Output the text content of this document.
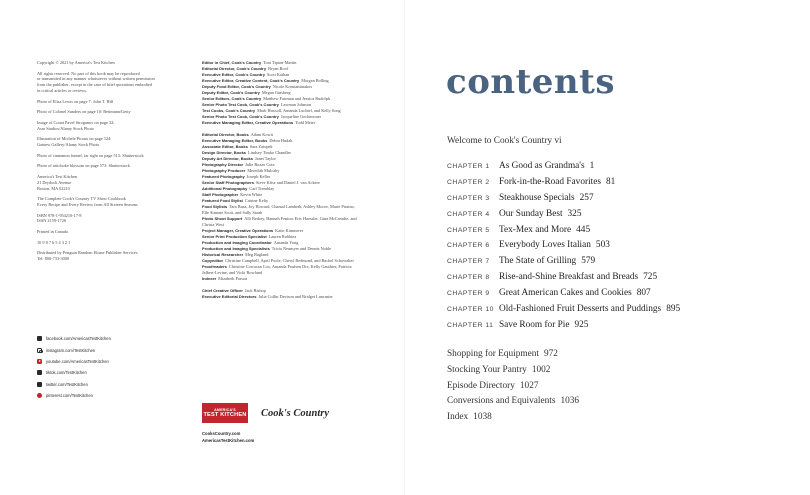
Copyright © 2021 by America's Test Kitchen

All rights reserved. No part of this book may be reproduced
or transmitted in any manner whatsoever without written permission
from the publisher, except in the case of brief quotations embodied
in critical articles or reviews.

Photo of Elisa Lewis on page 7: John T. Hill

Photo of Colonel Sanders on page 10: Bettmann/Getty

Image of Count Pavel Stroganov on page 32:
Asar Studios/Alamy Stock Photo

Illustration of Michele Piroux on page 124:
Gainew Gallery/Alamy Stock Photo

Photo of cinnamon funnel, far right on page 513: Shutterstock

Photo of artichoke blossom on page 573: Shutterstock

America's Test Kitchen
21 Drydock Avenue
Boston, MA 02210

The Complete Cook's Country TV Show Cookbook
Every Recipe and Every Review from All Sixteen Seasons

ISBN 978-1-954210-17-8
ISSN 2159-1726

Printed in Canada

10 9 8 7 6 5 4 3 2 1

Distributed by Penguin Random House Publisher Services
Tel: 800-733-3000

facebook.com/AmericasTestKitchen
instagram.com/TestKitchen
youtube.com/AmericasTestKitchen
tiktok.com/TestKitchen
twitter.com/TestKitchen
pinterest.com/TestKitchen
Editor in Chief, Cook's Country Toni Tipton-Martin
Editorial Director, Cook's Country Bryan Roof
Executive Editor, Cook's Country Scott Kathan
Executive Editor, Creative Content, Cook's Country Morgan Bolling
Deputy Food Editor, Cook's Country Nicole Konstantinakos
Deputy Editor, Cook's Country Megan Ginsberg
Senior Editors, Cook's Country Matthew Fairman and Jessica Rudolph
Senior Photo Test Cook, Cook's Country Lawman Johnson
Test Cooks, Cook's Country Mark Huxsoll, Amanda Luchtel, and Kelly Song
Senior Photo Test Cook, Cook's Country Jacqueline Gochenouer
Executive Managing Editor, Creative Operations Todd Meier
Editorial Director, Books Adam Kowit
Executive Managing Editor, Books Debra Hudak
Associate Editor, Books Sara Zatopek
Design Director, Books Lindsey Timko Chandler
Deputy Art Director, Books Janet Taylor
Photography Director Julie Bozzo Cote
Photography Producer Meredith Mulcahy
Featured Photography Joseph Keller
Senior Staff Photographers Steve Klise and Daniel J. van Ackere
Additional Photography Carl Tremblay
Staff Photographer Kevin White
Featured Food Stylist Catrine Kelty
Food Stylists Tara Busa, Joy Howard, Chantal Lambeth, Ashley Moore, Marie Piraino, Elle Simone Scott, and Sally Staub
Photo Shoot Support Alli Berkey, Hannah Fenton, Eric Haessler, Gina McCreadie, and Christa West
Project Manager, Creative Operations Katie Kimmerer
Senior Print Production Specialist Lauren Robbins
Production and Imaging Coordinator Amanda Yong
Production and Imaging Specialists Tricia Neumyer and Dennis Noble
Historical Researcher Meg Ragland
Copyeditor Christine Campbell, April Poole, Cheryl Redmond, and Rachel Schowalter
Proofreaders Christine Corcoran Cox, Amanda Poulsen Dix, Kelly Gauthier, Patricia Jalbert-Levine, and Vicki Rowland
Indexer Elizabeth Parson
Chief Creative Officer Jack Bishop
Executive Editorial Directors Julia Collin Davison and Bridget Lancaster
AMERICA'S
TEST KITCHEN Cook's Country
CooksCountry.com
AmericasTestKitchen.com
contents
Welcome to Cook's Country vi
CHAPTER 1	As Good as Grandma's 1
CHAPTER 2	Fork-in-the-Road Favorites 81
CHAPTER 3	Steakhouse Specials 257
CHAPTER 4	Our Sunday Best 325
CHAPTER 5	Tex-Mex and More 445
CHAPTER 6	Everybody Loves Italian 503
CHAPTER 7	The State of Grilling 579
CHAPTER 8	Rise-and-Shine Breakfast and Breads 725
CHAPTER 9	Great American Cakes and Cookies 807
CHAPTER 10 Old-Fashioned Fruit Desserts and Puddings 895
CHAPTER 11 Save Room for Pie 925
Shopping for Equipment 972
Stocking Your Pantry 1002
Episode Directory 1027
Conversions and Equivalents 1036
Index 1038
